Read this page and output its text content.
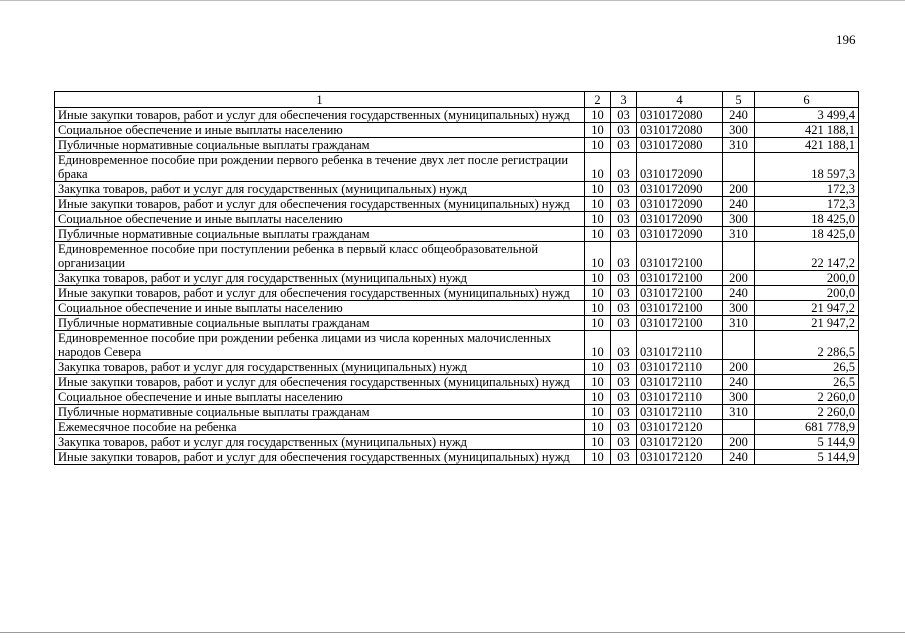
196
1	2	3	4	5	6
Иные закупки товаров, работ и услуг для обеспечения государственных (муниципальных) нужд	10	03	0310172080	240	3 499,4
Социальное обеспечение и иные выплаты населению	10	03	0310172080	300	421 188,1
Публичные нормативные социальные выплаты гражданам	10	03	0310172080	310	421 188,1
Единовременное пособие при рождении первого ребенка в течение двух лет после регистрации брака	10	03	0310172090		18 597,3
Закупка товаров, работ и услуг для государственных (муниципальных) нужд	10	03	0310172090	200	172,3
Иные закупки товаров, работ и услуг для обеспечения государственных (муниципальных) нужд	10	03	0310172090	240	172,3
Социальное обеспечение и иные выплаты населению	10	03	0310172090	300	18 425,0
Публичные нормативные социальные выплаты гражданам	10	03	0310172090	310	18 425,0
Единовременное пособие при поступлении ребенка в первый класс общеобразовательной организации	10	03	0310172100		22 147,2
Закупка товаров, работ и услуг для государственных (муниципальных) нужд	10	03	0310172100	200	200,0
Иные закупки товаров, работ и услуг для обеспечения государственных (муниципальных) нужд	10	03	0310172100	240	200,0
Социальное обеспечение и иные выплаты населению	10	03	0310172100	300	21 947,2
Публичные нормативные социальные выплаты гражданам	10	03	0310172100	310	21 947,2
Единовременное пособие при рождении ребенка лицами из числа коренных малочисленных народов Севера	10	03	0310172110		2 286,5
Закупка товаров, работ и услуг для государственных (муниципальных) нужд	10	03	0310172110	200	26,5
Иные закупки товаров, работ и услуг для обеспечения государственных (муниципальных) нужд	10	03	0310172110	240	26,5
Социальное обеспечение и иные выплаты населению	10	03	0310172110	300	2 260,0
Публичные нормативные социальные выплаты гражданам	10	03	0310172110	310	2 260,0
Ежемесячное пособие на ребенка	10	03	0310172120		681 778,9
Закупка товаров, работ и услуг для государственных (муниципальных) нужд	10	03	0310172120	200	5 144,9
Иные закупки товаров, работ и услуг для обеспечения государственных (муниципальных) нужд	10	03	0310172120	240	5 144,9
